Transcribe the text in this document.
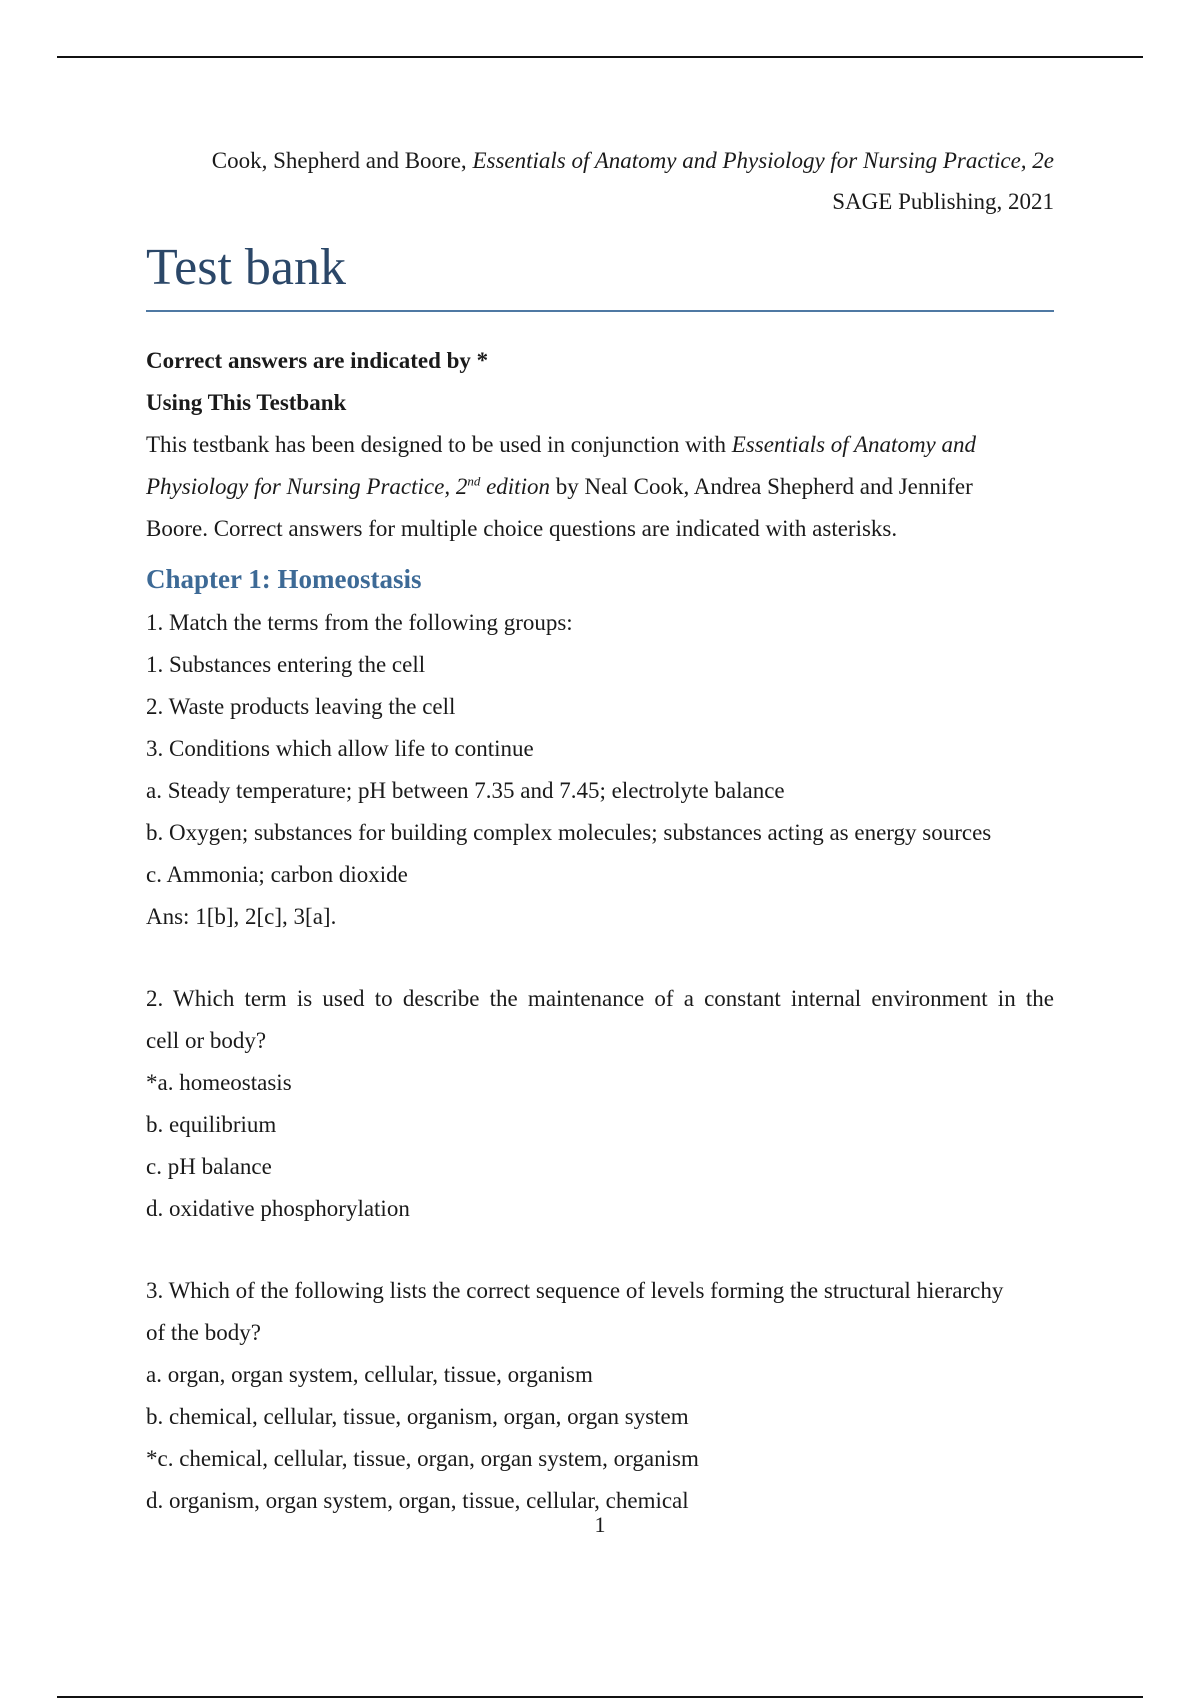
Cook, Shepherd and Boore, Essentials of Anatomy and Physiology for Nursing Practice, 2e
SAGE Publishing, 2021
Test bank
Correct answers are indicated by *
Using This Testbank
This testbank has been designed to be used in conjunction with Essentials of Anatomy and
Physiology for Nursing Practice, 2nd edition by Neal Cook, Andrea Shepherd and Jennifer
Boore. Correct answers for multiple choice questions are indicated with asterisks.
Chapter 1: Homeostasis
1. Match the terms from the following groups:
1. Substances entering the cell
2. Waste products leaving the cell
3. Conditions which allow life to continue
a. Steady temperature; pH between 7.35 and 7.45; electrolyte balance
b. Oxygen; substances for building complex molecules; substances acting as energy sources
c. Ammonia; carbon dioxide
Ans: 1[b], 2[c], 3[a].
2. Which term is used to describe the maintenance of a constant internal environment in the
cell or body?
*a. homeostasis
b. equilibrium
c. pH balance
d. oxidative phosphorylation
3. Which of the following lists the correct sequence of levels forming the structural hierarchy
of the body?
a. organ, organ system, cellular, tissue, organism
b. chemical, cellular, tissue, organism, organ, organ system
*c. chemical, cellular, tissue, organ, organ system, organism
d. organism, organ system, organ, tissue, cellular, chemical
1
